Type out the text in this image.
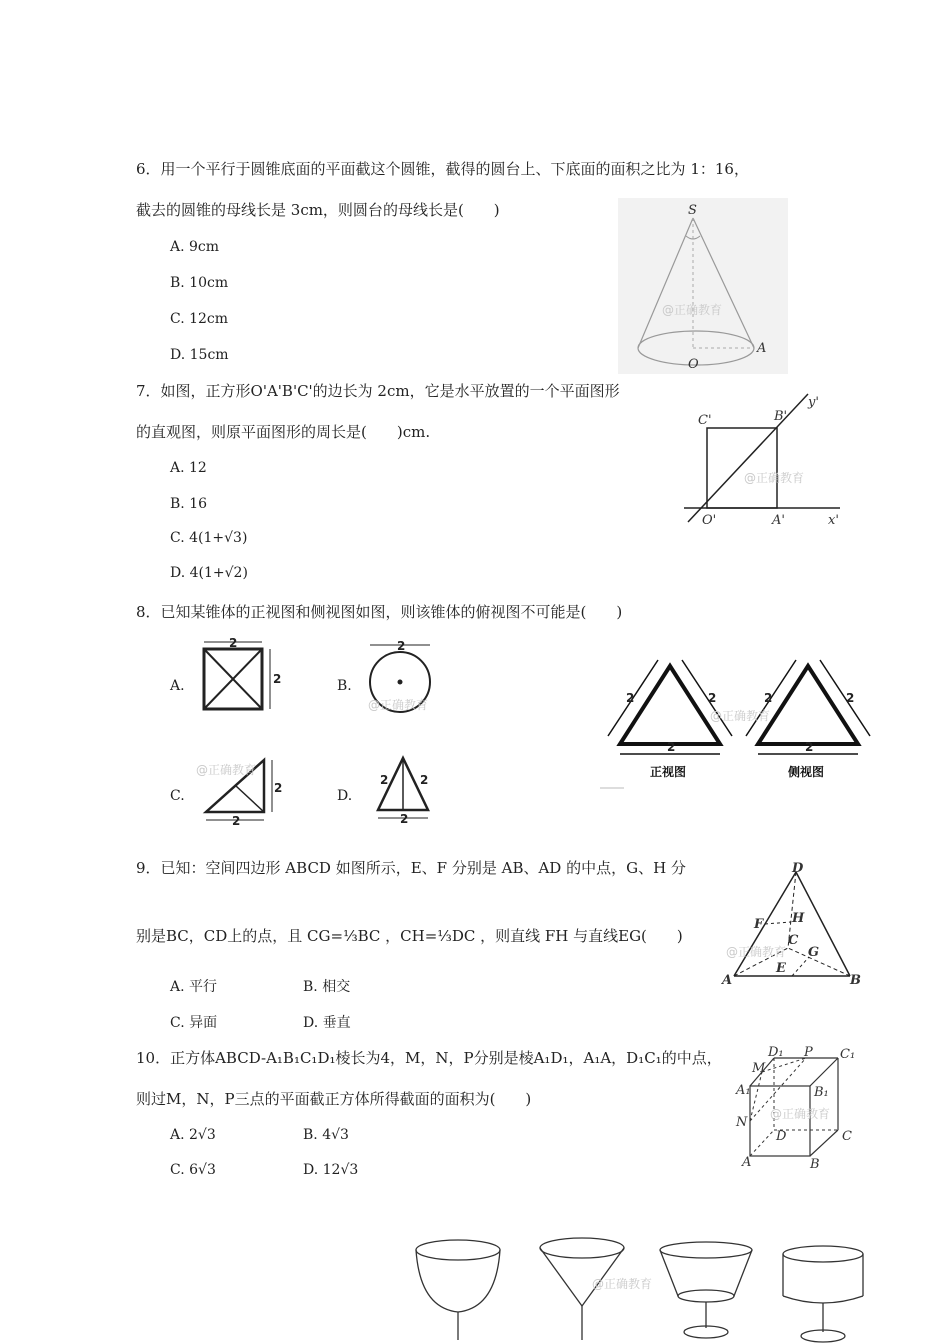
6．用一个平行于圆锥底面的平面截这个圆锥，截得的圆台上、下底面的面积之比为 1：16，
截去的圆锥的母线长是 3cm，则圆台的母线长是(　　)
A. 9cm
B. 10cm
C. 12cm
D. 15cm
S
O
A
@正确教育
7．如图，正方形O'A'B'C'的边长为 2cm，它是水平放置的一个平面图形
的直观图，则原平面图形的周长是(　　)cm.
A. 12
B. 16
C. 4(1+√3)
D. 4(1+√2)
C'	B'
O'	A'	x'
y'
@正确教育
8．已知某锥体的正视图和侧视图如图，则该锥体的俯视图不可能是(　　)
A.	B.
C.	D.
2
2
2
@正确教育
2
2
@正确教育
2
2	2
2	2
2
正视图
2	2
2
侧视图
@正确教育
9．已知：空间四边形 ABCD 如图所示，E、F 分别是 AB、AD 的中点，G、H 分
别是BC，CD上的点，且 CG=⅓BC ，CH=⅓DC ，则直线 FH 与直线EG(　　)
A. 平行	B. 相交
C. 异面	D. 垂直
D
H
F
C
G
E
A	B
@正确教育
10．正方体ABCD-A₁B₁C₁D₁棱长为4，M，N，P分别是棱A₁D₁，A₁A，D₁C₁的中点，
则过M，N，P三点的平面截正方体所得截面的面积为(　　)
A. 2√3	B. 4√3
C. 6√3	D. 12√3
D₁ P C₁
M
A₁	B₁
N
D	C
A	B
@正确教育
@正确教育
